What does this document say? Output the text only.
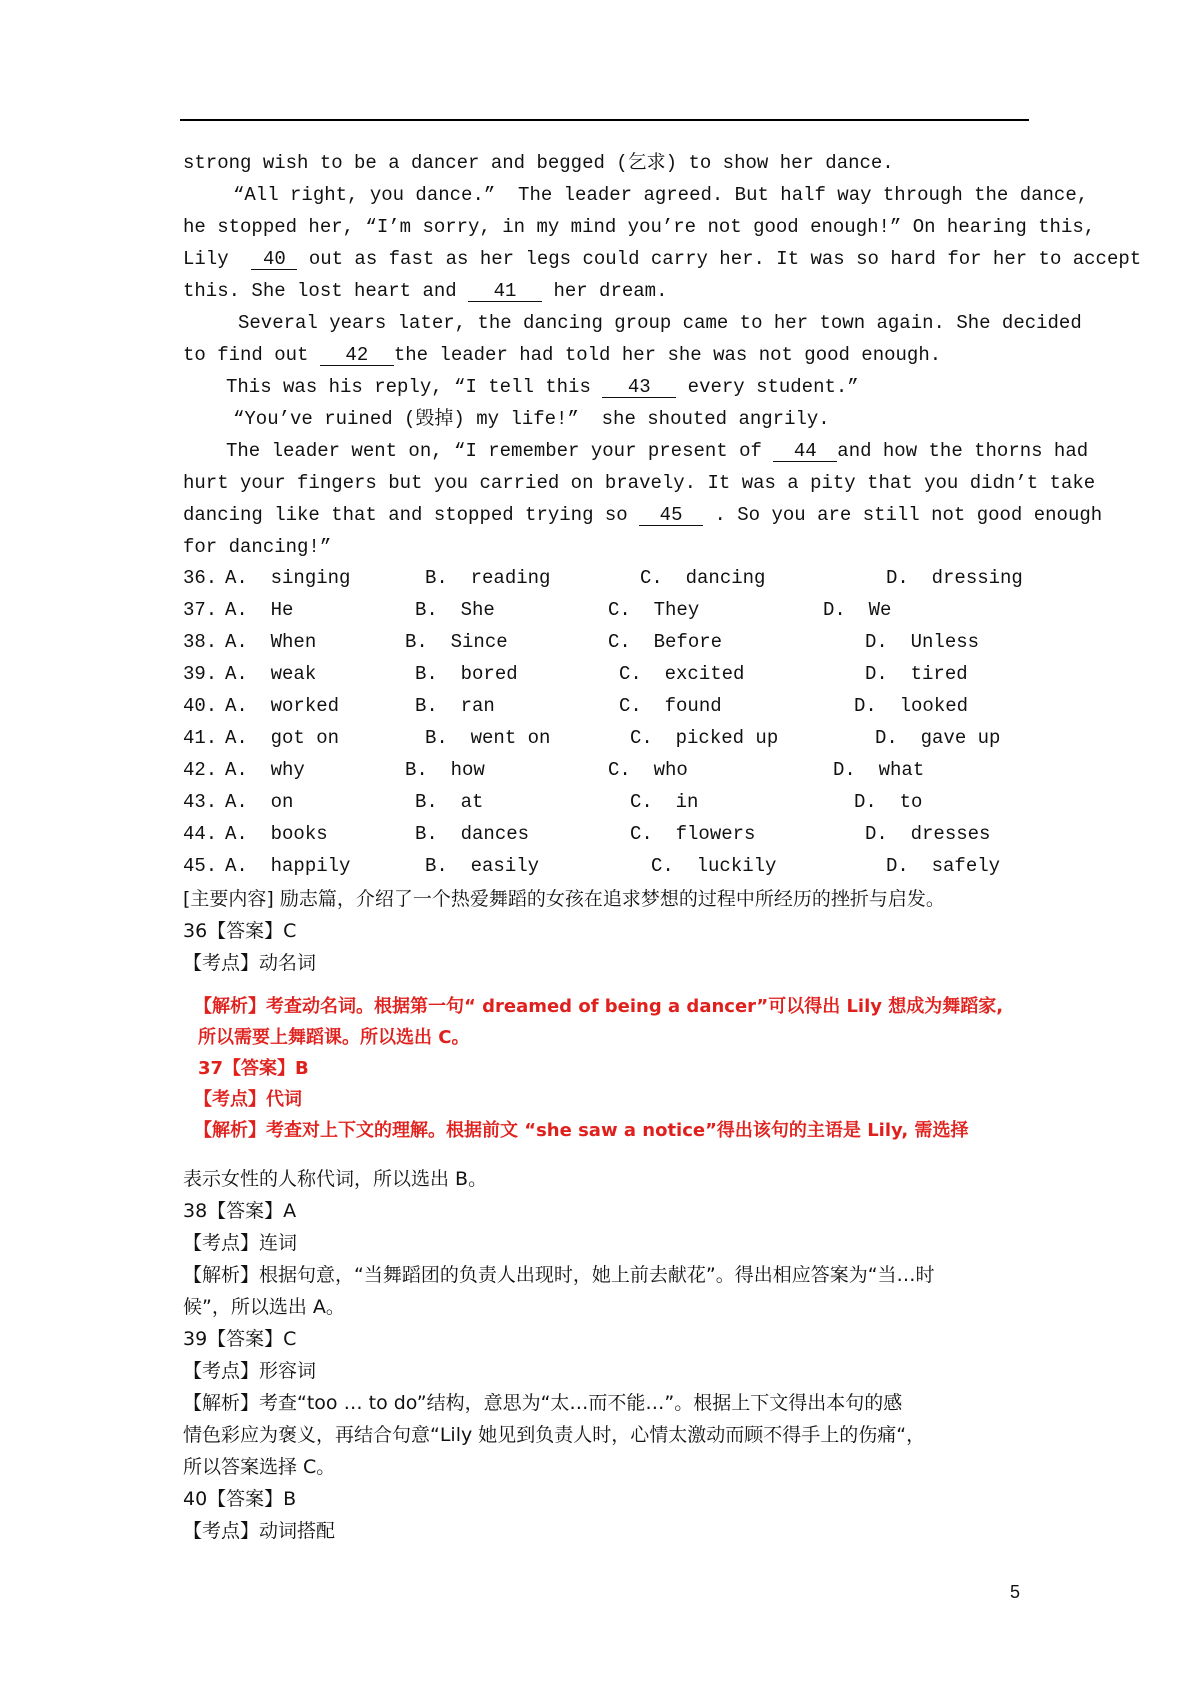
strong wish to be a dancer and begged (乞求) to show her dance.
“All right, you dance.”  The leader agreed. But half way through the dance,
he stopped her, “I’m sorry, in my mind you’re not good enough!” On hearing this,
Lily  40 out as fast as her legs could carry her. It was so hard for her to accept
this. She lost heart and 41 her dream.
Several years later, the dancing group came to her town again. She decided
to find out 42 the leader had told her she was not good enough.
This was his reply, “I tell this 43 every student.”
“You’ve ruined (毁掉) my life!”  she shouted angrily.
The leader went on, “I remember your present of 44 and how the thorns had
hurt your fingers but you carried on bravely. It was a pity that you didn’t take
dancing like that and stopped trying so 45 . So you are still not good enough
for dancing!”
36. A.  singing	B.  reading	C.  dancing	D.  dressing
37. A.  He	B.  She	C.  They	D.  We
38. A.  When	B.  Since	C.  Before	D.  Unless
39. A.  weak	B.  bored	C.  excited	D.  tired
40. A.  worked	B.  ran	C.  found	D.  looked
41. A.  got on	B.  went on	C.  picked up	D.  gave up
42. A.  why	B.  how	C.  who	D.  what
43. A.  on	B.  at	C.  in	D.  to
44. A.  books	B.  dances	C.  flowers	D.  dresses
45. A.  happily	B.  easily	C.  luckily	D.  safely
[主要内容] 励志篇，介绍了一个热爱舞蹈的女孩在追求梦想的过程中所经历的挫折与启发。
36【答案】C
【考点】动名词
【解析】考查动名词。根据第一句“ dreamed of being a dancer”可以得出 Lily 想成为舞蹈家,
所以需要上舞蹈课。所以选出 C。
37【答案】B
【考点】代词
【解析】考查对上下文的理解。根据前文 “she saw a notice”得出该句的主语是 Lily, 需选择
表示女性的人称代词，所以选出 B。
38【答案】A
【考点】连词
【解析】根据句意，“当舞蹈团的负责人出现时，她上前去献花”。得出相应答案为“当…时
候”，所以选出 A。
39【答案】C
【考点】形容词
【解析】考查“too … to do”结构，意思为“太…而不能…”。根据上下文得出本句的感
情色彩应为褒义，再结合句意“Lily 她见到负责人时，心情太激动而顾不得手上的伤痛“，
所以答案选择 C。
40【答案】B
【考点】动词搭配
5
